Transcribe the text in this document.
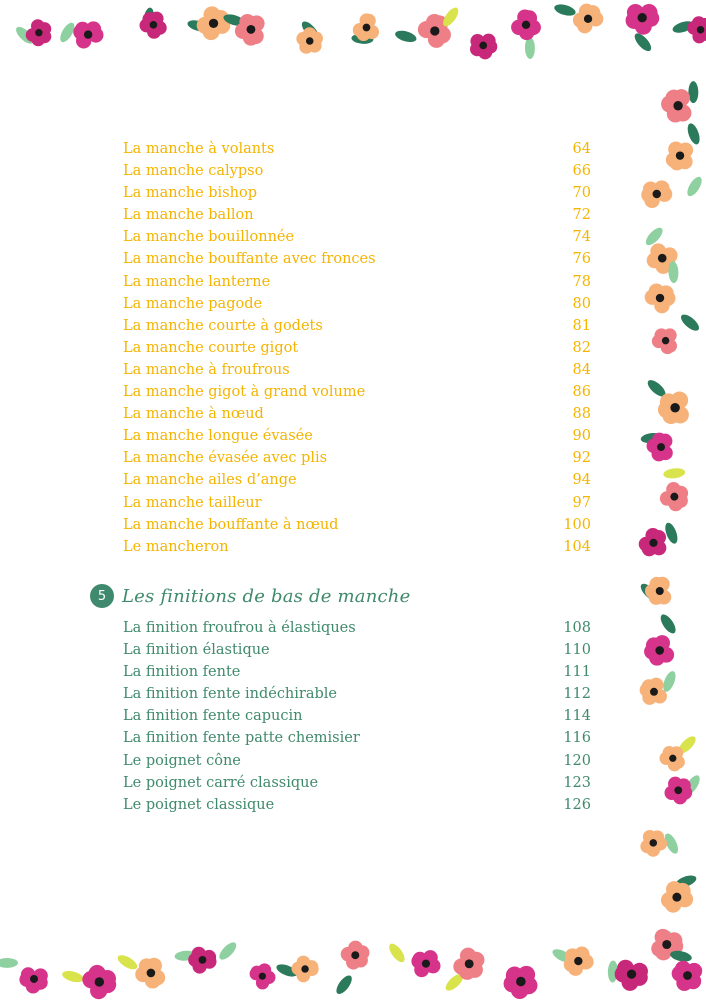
La manche à volants	64
La manche calypso	66
La manche bishop	70
La manche ballon	72
La manche bouillonnée	74
La manche bouffante avec fronces	76
La manche lanterne	78
La manche pagode	80
La manche courte à godets	81
La manche courte gigot	82
La manche à froufrous	84
La manche gigot à grand volume	86
La manche à nœud	88
La manche longue évasée	90
La manche évasée avec plis	92
La manche ailes d’ange	94
La manche tailleur	97
La manche bouffante à nœud	100
Le mancheron	104
5 Les finitions de bas de manche
La finition froufrou à élastiques	108
La finition élastique	110
La finition fente	111
La finition fente indéchirable	112
La finition fente capucin	114
La finition fente patte chemisier	116
Le poignet cône	120
Le poignet carré classique	123
Le poignet classique	126
